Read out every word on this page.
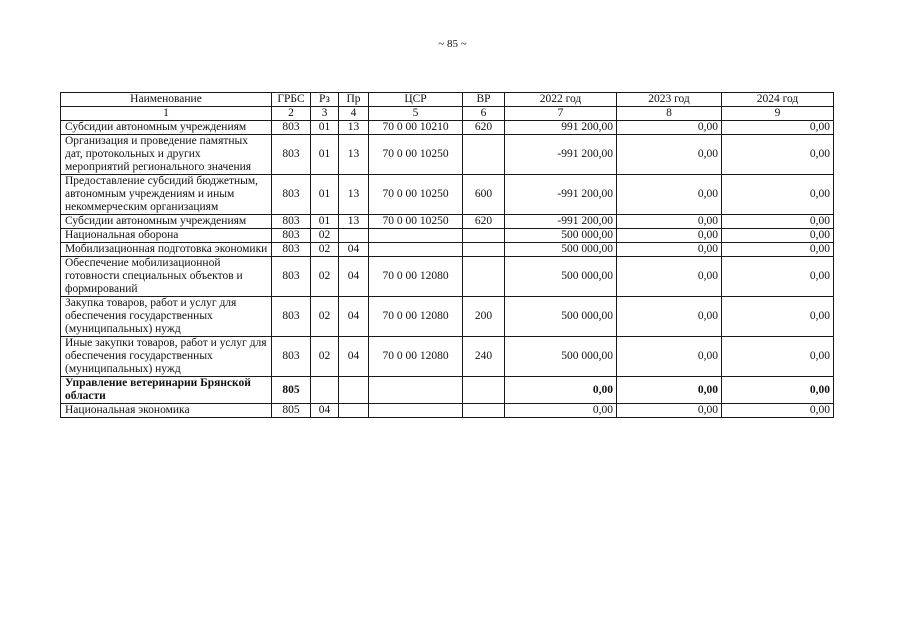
~ 85 ~
Наименование	ГРБС	Рз	Пр	ЦСР	ВР	2022 год	2023 год	2024 год
1	2	3	4	5	6	7	8	9
Субсидии автономным учреждениям	803	01	13	70 0 00 10210	620	991 200,00	0,00	0,00
Организация и проведение памятных дат, протокольных и других мероприятий регионального значения	803	01	13	70 0 00 10250		-991 200,00	0,00	0,00
Предоставление субсидий бюджетным, автономным учреждениям и иным некоммерческим организациям	803	01	13	70 0 00 10250	600	-991 200,00	0,00	0,00
Субсидии автономным учреждениям	803	01	13	70 0 00 10250	620	-991 200,00	0,00	0,00
Национальная оборона	803	02				500 000,00	0,00	0,00
Мобилизационная подготовка экономики	803	02	04			500 000,00	0,00	0,00
Обеспечение мобилизационной готовности специальных объектов и формирований	803	02	04	70 0 00 12080		500 000,00	0,00	0,00
Закупка товаров, работ и услуг для обеспечения государственных (муниципальных) нужд	803	02	04	70 0 00 12080	200	500 000,00	0,00	0,00
Иные закупки товаров, работ и услуг для обеспечения государственных (муниципальных) нужд	803	02	04	70 0 00 12080	240	500 000,00	0,00	0,00
Управление ветеринарии Брянской области	805					0,00	0,00	0,00
Национальная экономика	805	04				0,00	0,00	0,00
